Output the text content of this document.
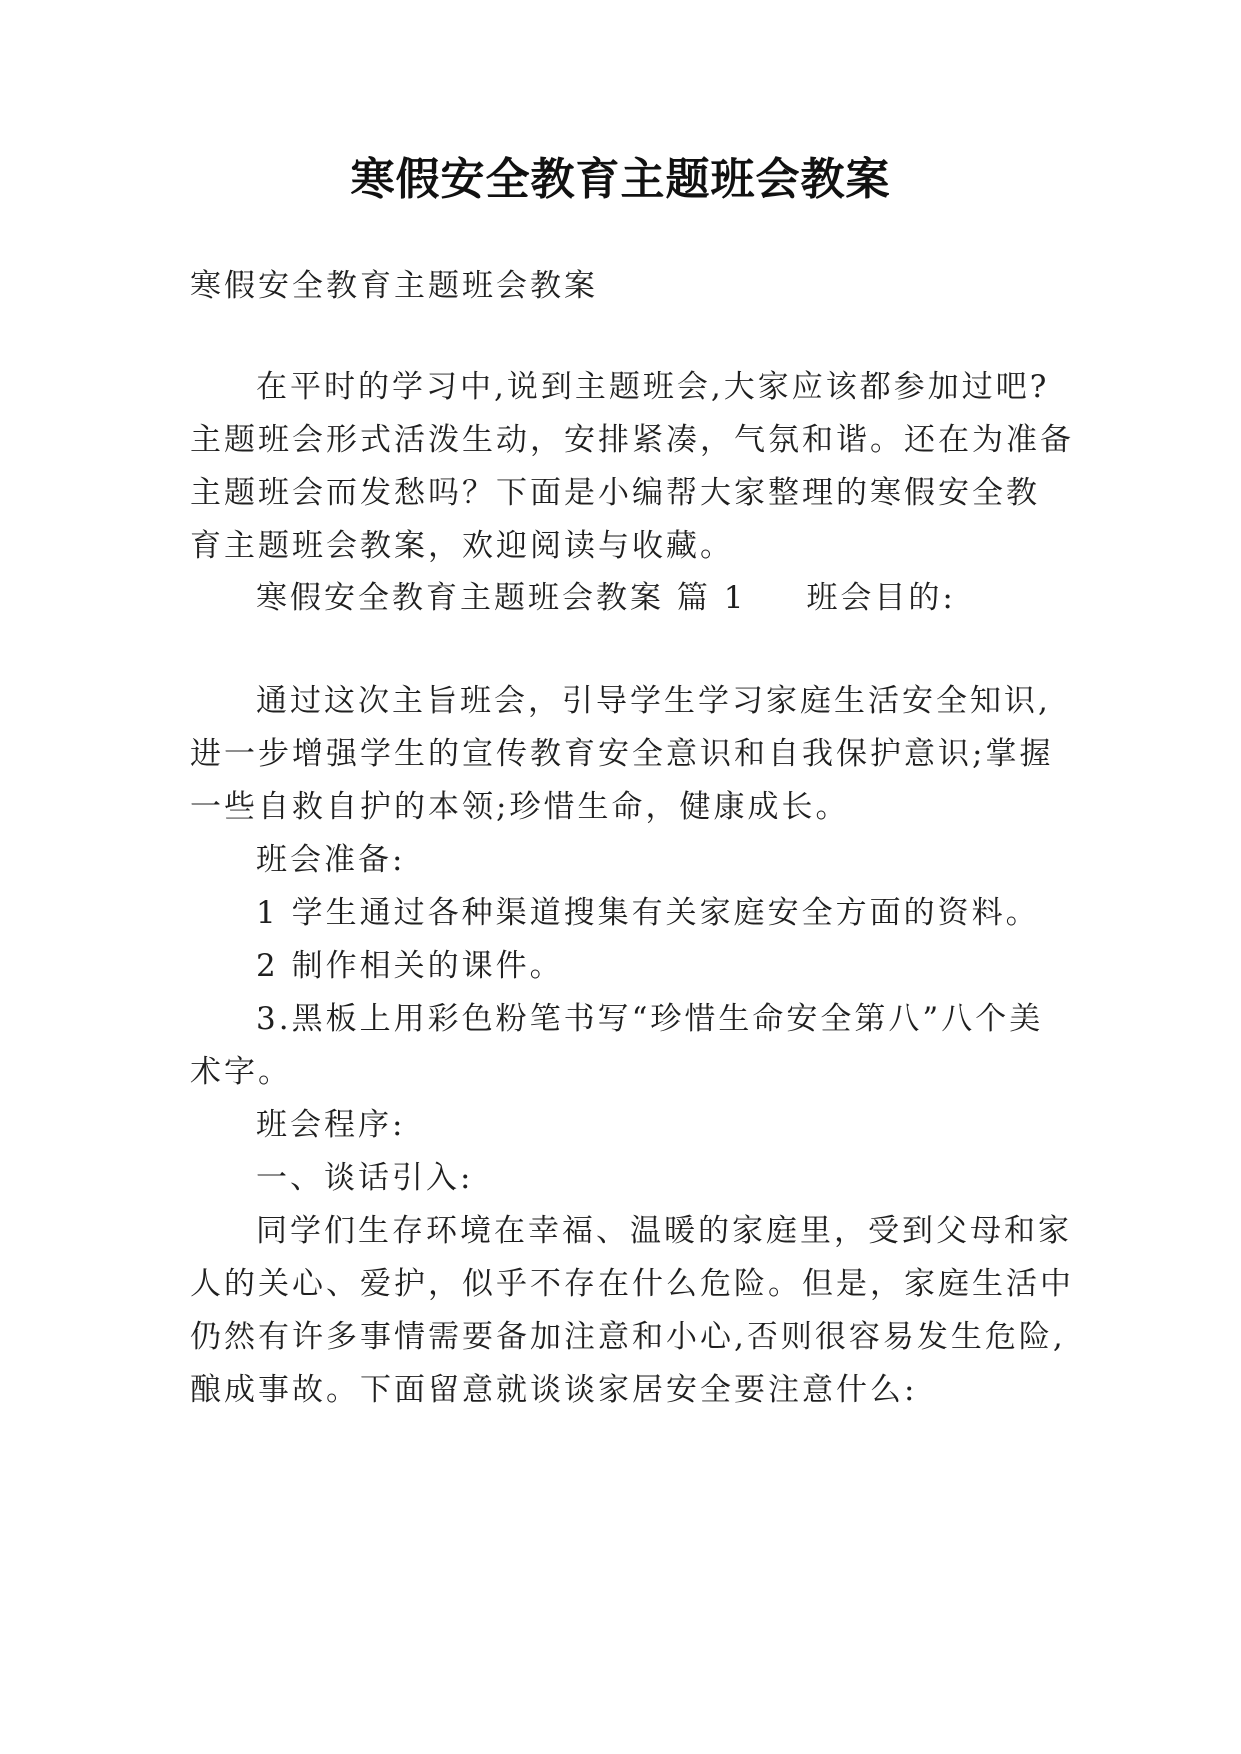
寒假安全教育主题班会教案
寒假安全教育主题班会教案
在平时的学习中,说到主题班会,大家应该都参加过吧?
主题班会形式活泼生动，安排紧凑，气氛和谐。还在为准备
主题班会而发愁吗？下面是小编帮大家整理的寒假安全教
育主题班会教案，欢迎阅读与收藏。
寒假安全教育主题班会教案 篇 1 班会目的:
通过这次主旨班会，引导学生学习家庭生活安全知识,
进一步增强学生的宣传教育安全意识和自我保护意识;掌握
一些自救自护的本领;珍惜生命，健康成长。
班会准备:
1 学生通过各种渠道搜集有关家庭安全方面的资料。
2 制作相关的课件。
3.黑板上用彩色粉笔书写“珍惜生命安全第八”八个美
术字。
班会程序:
一、谈话引入:
同学们生存环境在幸福、温暖的家庭里，受到父母和家
人的关心、爱护，似乎不存在什么危险。但是，家庭生活中
仍然有许多事情需要备加注意和小心,否则很容易发生危险,
酿成事故。下面留意就谈谈家居安全要注意什么:
